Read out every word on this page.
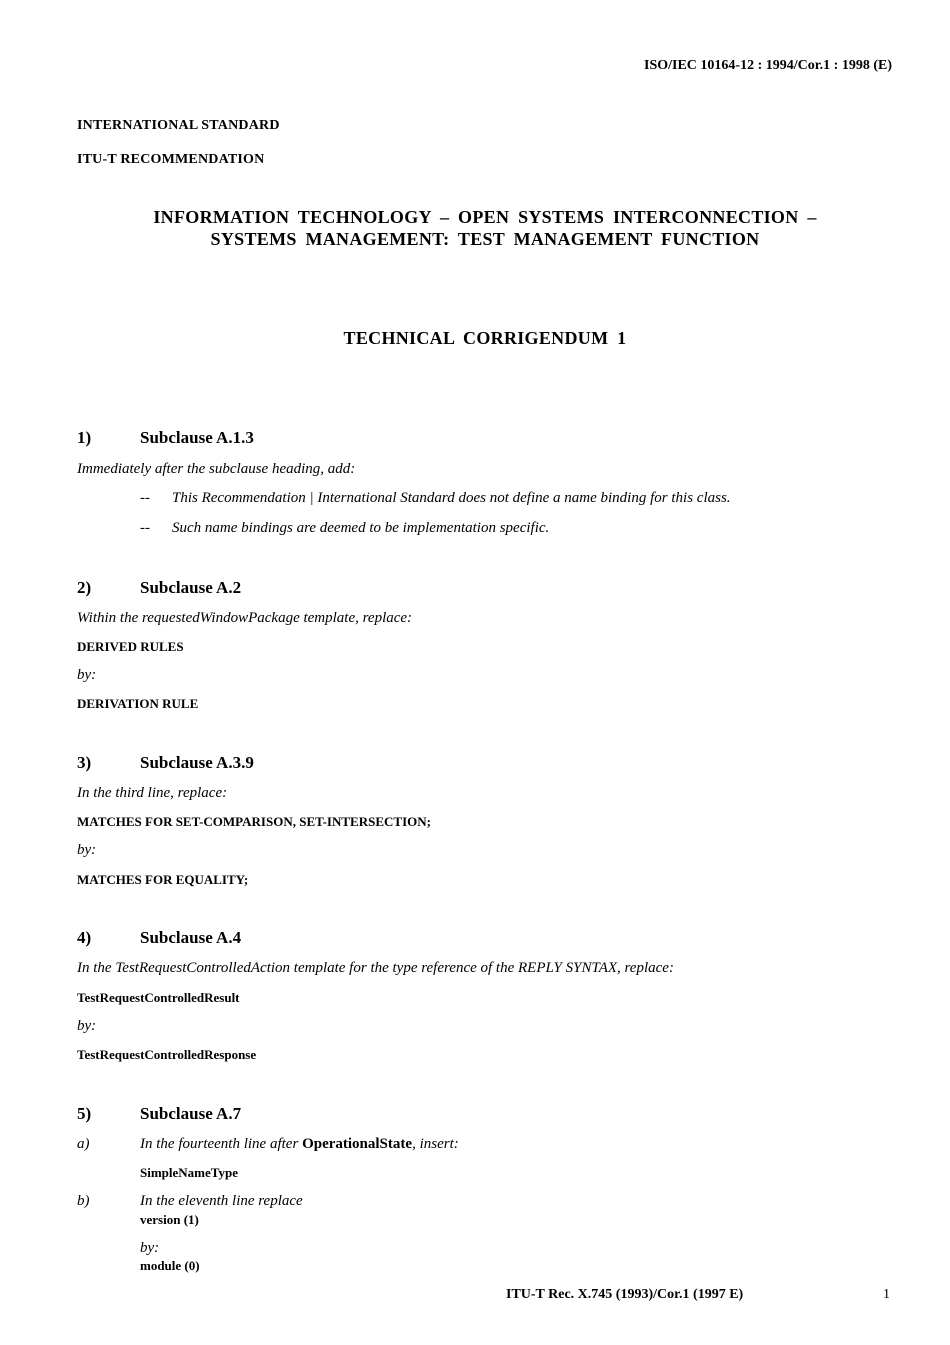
ISO/IEC 10164-12 : 1994/Cor.1 : 1998 (E)
INTERNATIONAL STANDARD
ITU-T RECOMMENDATION
INFORMATION TECHNOLOGY – OPEN SYSTEMS INTERCONNECTION –
SYSTEMS MANAGEMENT: TEST MANAGEMENT FUNCTION
TECHNICAL CORRIGENDUM 1
1)	Subclause A.1.3
Immediately after the subclause heading, add:
-- This Recommendation | International Standard does not define a name binding for this class.
-- Such name bindings are deemed to be implementation specific.
2)	Subclause A.2
Within the requestedWindowPackage template, replace:
DERIVED RULES
by:
DERIVATION RULE
3)	Subclause A.3.9
In the third line, replace:
MATCHES FOR SET-COMPARISON, SET-INTERSECTION;
by:
MATCHES FOR EQUALITY;
4)	Subclause A.4
In the TestRequestControlledAction template for the type reference of the REPLY SYNTAX, replace:
TestRequestControlledResult
by:
TestRequestControlledResponse
5)	Subclause A.7
a)	In the fourteenth line after OperationalState, insert:
SimpleNameType
b)	In the eleventh line replace
version (1)
by:
module (0)
ITU-T Rec. X.745 (1993)/Cor.1 (1997 E)	1
